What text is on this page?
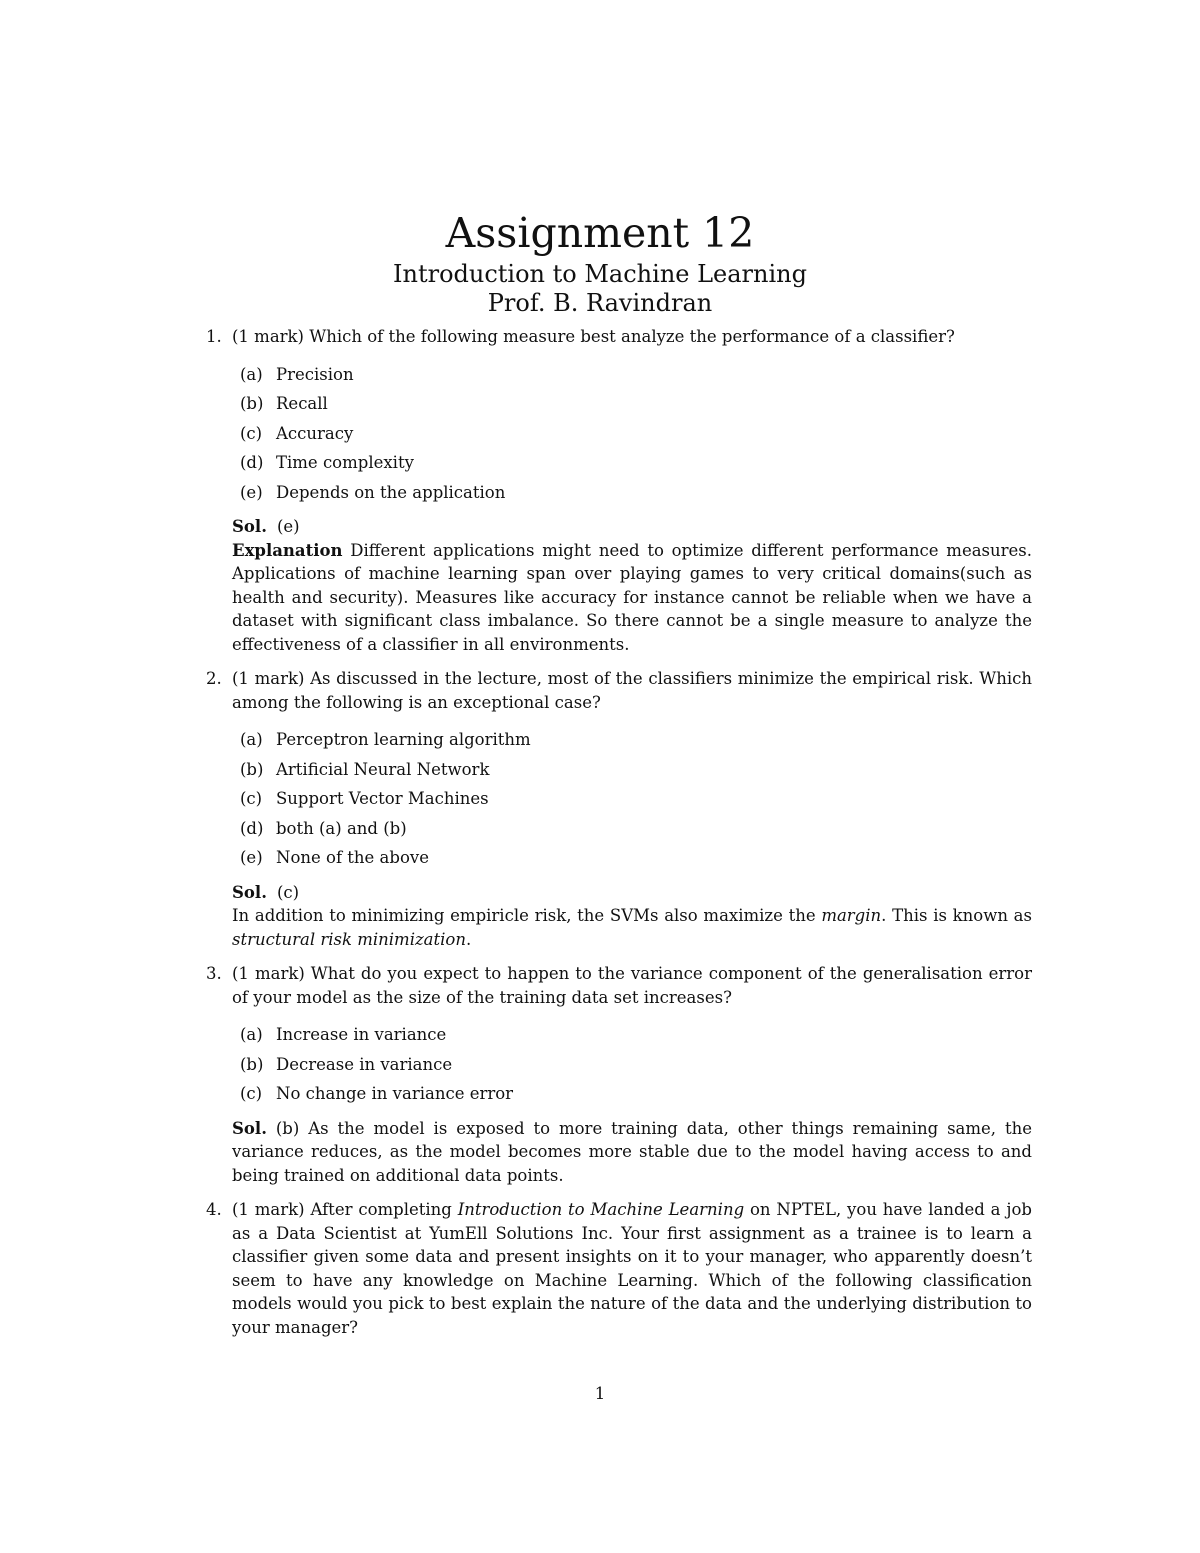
Assignment 12
Introduction to Machine Learning
Prof. B. Ravindran
1. (1 mark) Which of the following measure best analyze the performance of a classifier?
(a) Precision
(b) Recall
(c) Accuracy
(d) Time complexity
(e) Depends on the application
Sol. (e)
Explanation Different applications might need to optimize different performance measures. Applications of machine learning span over playing games to very critical domains(such as health and security). Measures like accuracy for instance cannot be reliable when we have a dataset with significant class imbalance. So there cannot be a single measure to analyze the effectiveness of a classifier in all environments.
2. (1 mark) As discussed in the lecture, most of the classifiers minimize the empirical risk. Which among the following is an exceptional case?
(a) Perceptron learning algorithm
(b) Artificial Neural Network
(c) Support Vector Machines
(d) both (a) and (b)
(e) None of the above
Sol. (c)
In addition to minimizing empiricle risk, the SVMs also maximize the margin. This is known as structural risk minimization.
3. (1 mark) What do you expect to happen to the variance component of the generalisation error of your model as the size of the training data set increases?
(a) Increase in variance
(b) Decrease in variance
(c) No change in variance error
Sol. (b) As the model is exposed to more training data, other things remaining same, the variance reduces, as the model becomes more stable due to the model having access to and being trained on additional data points.
4. (1 mark) After completing Introduction to Machine Learning on NPTEL, you have landed a job as a Data Scientist at YumEll Solutions Inc. Your first assignment as a trainee is to learn a classifier given some data and present insights on it to your manager, who apparently doesn’t seem to have any knowledge on Machine Learning. Which of the following classification models would you pick to best explain the nature of the data and the underlying distribution to your manager?
1
